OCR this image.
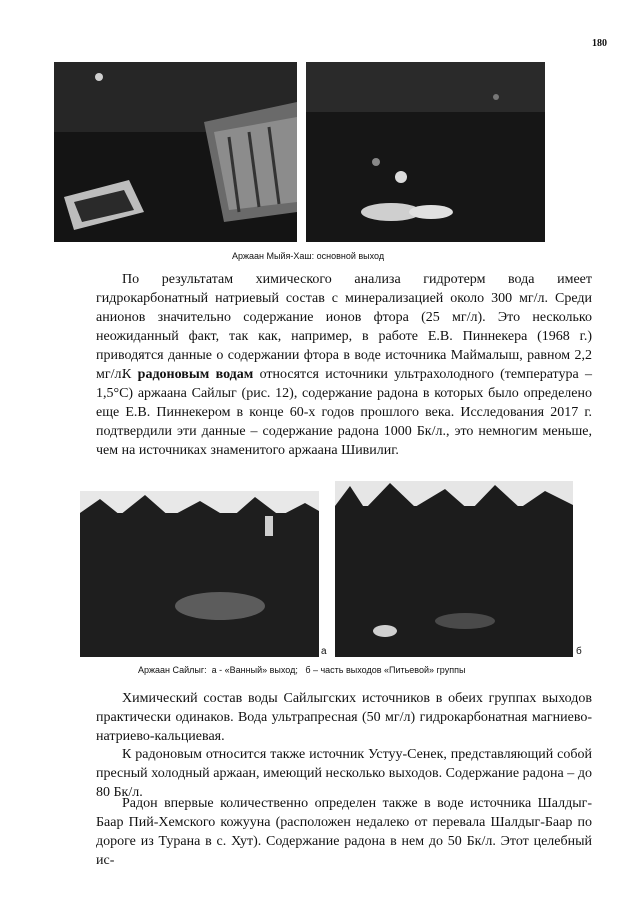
180
Аржаан Мыйя-Хаш: основной выход

По результатам химического анализа гидротерм вода имеет гидрокарбонатный натриевый состав с минерализацией около 300 мг/л. Среди анионов значительно содержание ионов фтора (25 мг/л). Это несколько неожиданный факт, так как, например, в работе Е.В. Пиннекера (1968 г.) приводятся данные о содержании фтора в воде источника Маймалыш, равном 2,2 мг/л.

К радоновым водам относятся источники ультрахолодного (температура – 1,5°С) аржаана Сайлыг (рис. 12), содержание радона в которых было определено еще Е.В. Пиннекером в конце 60-х годов прошлого века. Исследования 2017 г. подтвердили эти данные – содержание радона 1000 Бк/л., это немногим меньше, чем на источниках знаменитого аржаана Шивилиг.

а	б
Аржаан Сайлыг:  а - «Ванный» выход;   б – часть выходов «Питьевой» группы

Химический состав воды Сайлыгских источников в обеих группах выходов практически одинаков. Вода ультрапресная (50 мг/л) гидрокарбонатная магниево-натриево-кальциевая.

К радоновым относится также источник Устуу-Сенек, представляющий собой пресный холодный аржаан, имеющий несколько выходов. Содержание радона – до 80 Бк/л.

Радон впервые количественно определен также в воде источника Шалдыг-Баар Пий-Хемского кожууна (расположен недалеко от перевала Шалдыг-Баар по дороге из Турана в с. Хут). Содержание радона в нем до 50 Бк/л. Этот целебный ис-
